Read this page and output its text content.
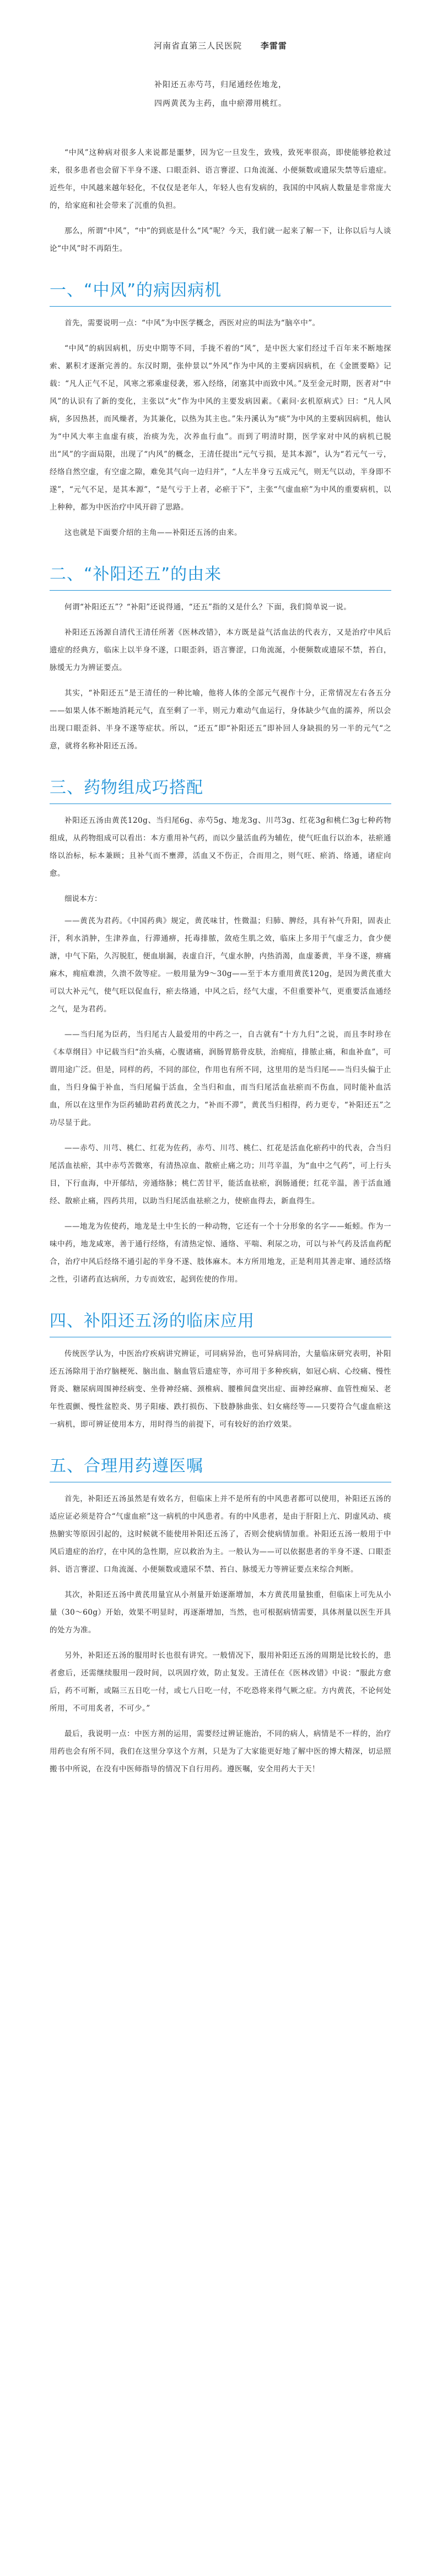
河南省直第三人民医院 李雷雷
补阳还五赤芍芎，归尾通经佐地龙，
四两黄芪为主药，血中瘀滞用桃红。

“中风”这种病对很多人来说都是噩梦，因为它一旦发生，致残，致死率很高，即使能够抢救过来，很多患者也会留下半身不遂、口眼歪斜、语言謇涩、口角流涎、小便频数或遗尿失禁等后遗症。近些年，中风越来越年轻化，不仅仅是老年人，年轻人也有发病的，我国的中风病人数量是非常庞大的，给家庭和社会带来了沉重的负担。

那么，所谓“中风”，“中”的到底是什么“风”呢？今天，我们就一起来了解一下，让你以后与人谈论“中风”时不再陌生。

一、“中风”的病因病机

首先，需要说明一点：“中风”为中医学概念，西医对应的叫法为“脑卒中”。

“中风”的病因病机，历史中期等不同，手拢不着的“风”，是中医大家们经过千百年来不断地探索、累积才逐渐完善的。东汉时期，张仲景以“外风”作为中风的主要病因病机，在《金匮要略》记载：“凡人正气不足，风寒之邪乘虚侵袭，邪入经络，闭塞其中而致中风。”及至金元时期，医者对“中风”的认识有了新的变化，主张以“火”作为中风的主要发病因素。《素问·玄机原病式》曰：“凡人风病，多因热甚，而风燥者，为其兼化，以热为其主也。”朱丹溪认为“痰”为中风的主要病因病机，他认为“中风大率主血虚有痰，治痰为先，次养血行血”。而到了明清时期，医学家对中风的病机已脱出“风”的字面局限，出现了“内风”的概念，王清任提出“元气亏损，是其本源”，认为“若元气一亏，经络自然空虚，有空虚之隙，难免其气向一边归并”，“人左半身亏五成元气，则无气以动，半身即不遂”，“元气不足，是其本源”，“是气亏于上者，必瘀于下”，主张“气虚血瘀”为中风的重要病机，以上种种，都为中医治疗中风开辟了思路。

这也就是下面要介绍的主角——补阳还五汤的由来。

二、“补阳还五”的由来

何谓“补阳还五”？“补阳”还说得通，“还五”指的又是什么？下面，我们简单说一说。

补阳还五汤源自清代王清任所著《医林改错》，本方既是益气活血法的代表方，又是治疗中风后遗症的经典方，临床上以半身不遂，口眼歪斜，语言謇涩，口角流涎，小便频数或遗尿不禁，苔白，脉缓无力为辨证要点。

其实，“补阳还五”是王清任的一种比喻，他将人体的全部元气视作十分，正常情况左右各五分——如果人体不断地消耗元气，直至剩了一半，则元力难动气血运行，身体缺少气血的濡养，所以会出现口眼歪斜、半身不遂等症状。所以，“还五”即“补阳还五”即补回人身缺损的另一半的元气“之意，就将名称补阳还五汤。

三、药物组成巧搭配

补阳还五汤由黄芪120g、当归尾6g、赤芍5g、地龙3g、川芎3g、红花3g和桃仁3g七种药物组成，从药物组成可以看出：本方重用补气药，而以少量活血药为辅佐，使气旺血行以治本，祛瘀通络以治标，标本兼顾；且补气而不壅滞，活血又不伤正，合而用之，则气旺、瘀消、络通，诸症向愈。

细说本方：

——黄芪为君药。《中国药典》规定，黄芪味甘，性微温；归肺、脾经，具有补气升阳，固表止汗，利水消肿，生津养血，行滞通痹，托毒排脓，敛疮生肌之效，临床上多用于气虚乏力，食少便溏，中气下陷，久泻脱肛，便血崩漏，表虚自汗，气虚水肿，内热消渴，血虚萎黄，半身不遂，痹痛麻木，痈疽难溃，久溃不敛等症。一般用量为9～30g——至于本方重用黄芪120g，是因为黄芪重大可以大补元气，使气旺以促血行，瘀去络通，中风之后，经气大虚，不但重要补气，更重要活血通经之气，是为君药。

——当归尾为臣药，当归尾古人最爱用的中药之一，自古就有“十方九归”之说，而且李时珍在《本草纲目》中记载当归“治头痛，心腹诸痛，润肠胃筋骨皮肤，治痈疽，排脓止痛，和血补血”，可谓用途广泛。但是，同样的药，不同的部位，作用也有所不同，这里用的是当归尾——当归头偏于止血，当归身偏于补血，当归尾偏于活血，全当归和血，而当归尾活血祛瘀而不伤血，同时能补血活血，所以在这里作为臣药辅助君药黄芪之力，“补而不滞”，黄芪当归相得，药力更专，“补阳还五”之功尽显于此。

——赤芍、川芎、桃仁、红花为佐药，赤芍、川芎、桃仁、红花是活血化瘀药中的代表，合当归尾活血祛瘀，其中赤芍苦微寒，有清热凉血、散瘀止痛之功；川芎辛温，为“血中之气药”，可上行头目，下行血海，中开郁结，旁通络脉；桃仁苦甘平，能活血祛瘀，润肠通便；红花辛温，善于活血通经、散瘀止痛，四药共用，以助当归尾活血祛瘀之力，使瘀血得去，新血得生。

——地龙为佐使药，地龙是土中生长的一种动物，它还有一个十分形象的名字——蚯蚓。作为一味中药，地龙咸寒，善于通行经络，有清热定惊、通络、平喘、利尿之功，可以与补气药及活血药配合，治疗中风后经络不通引起的半身不遂、肢体麻木。本方所用地龙，正是利用其善走窜、通经活络之性，引诸药直达病所，力专而效宏，起到佐使的作用。

四、补阳还五汤的临床应用

传统医学认为，中医治疗疾病讲究辨证，可同病异治，也可异病同治，大量临床研究表明，补阳还五汤除用于治疗脑梗死、脑出血、脑血管后遗症等，亦可用于多种疾病，如冠心病、心绞痛、慢性肾炎、糖尿病周围神经病变、坐骨神经痛、颈椎病、腰椎间盘突出症、面神经麻痹、血管性痴呆、老年性震颤、慢性盆腔炎、男子阳痿、跌打损伤、下肢静脉曲张、妇女痛经等——只要符合气虚血瘀这一病机，即可辨证使用本方，用时得当的前提下，可有较好的治疗效果。

五、合理用药遵医嘱

首先，补阳还五汤虽然是有效名方，但临床上并不是所有的中风患者都可以使用，补阳还五汤的适应证必须是符合“气虚血瘀”这一病机的中风患者。有的中风患者，是由于肝阳上亢、阴虚风动、痰热腑实等原因引起的，这时候就不能使用补阳还五汤了，否则会使病情加重。补阳还五汤一般用于中风后遗症的治疗，在中风的急性期，应以救治为主。一般认为——可以依据患者的半身不遂、口眼歪斜、语言謇涩、口角流涎、小便频数或遗尿不禁、苔白、脉缓无力等辨证要点来综合判断。

其次，补阳还五汤中黄芪用量宜从小剂量开始逐渐增加，本方黄芪用量独重，但临床上可先从小量（30～60g）开始，效果不明显时，再逐渐增加，当然，也可根据病情需要，具体剂量以医生开具的处方为准。

另外，补阳还五汤的服用时长也很有讲究。一般情况下，服用补阳还五汤的周期是比较长的，患者愈后，还需继续服用一段时间，以巩固疗效，防止复发。王清任在《医林改错》中说：“服此方愈后，药不可断，或隔三五日吃一付，或七八日吃一付，不吃恐将来得气厥之症。方内黄芪，不论何处所用，不可用炙者，不可少。”

最后，我说明一点：中医方剂的运用，需要经过辨证施治，不同的病人，病情是不一样的，治疗用药也会有所不同，我们在这里分享这个方剂，只是为了大家能更好地了解中医的博大精深，切忌照搬书中所说，在没有中医师指导的情况下自行用药。遵医嘱，安全用药大于天！
